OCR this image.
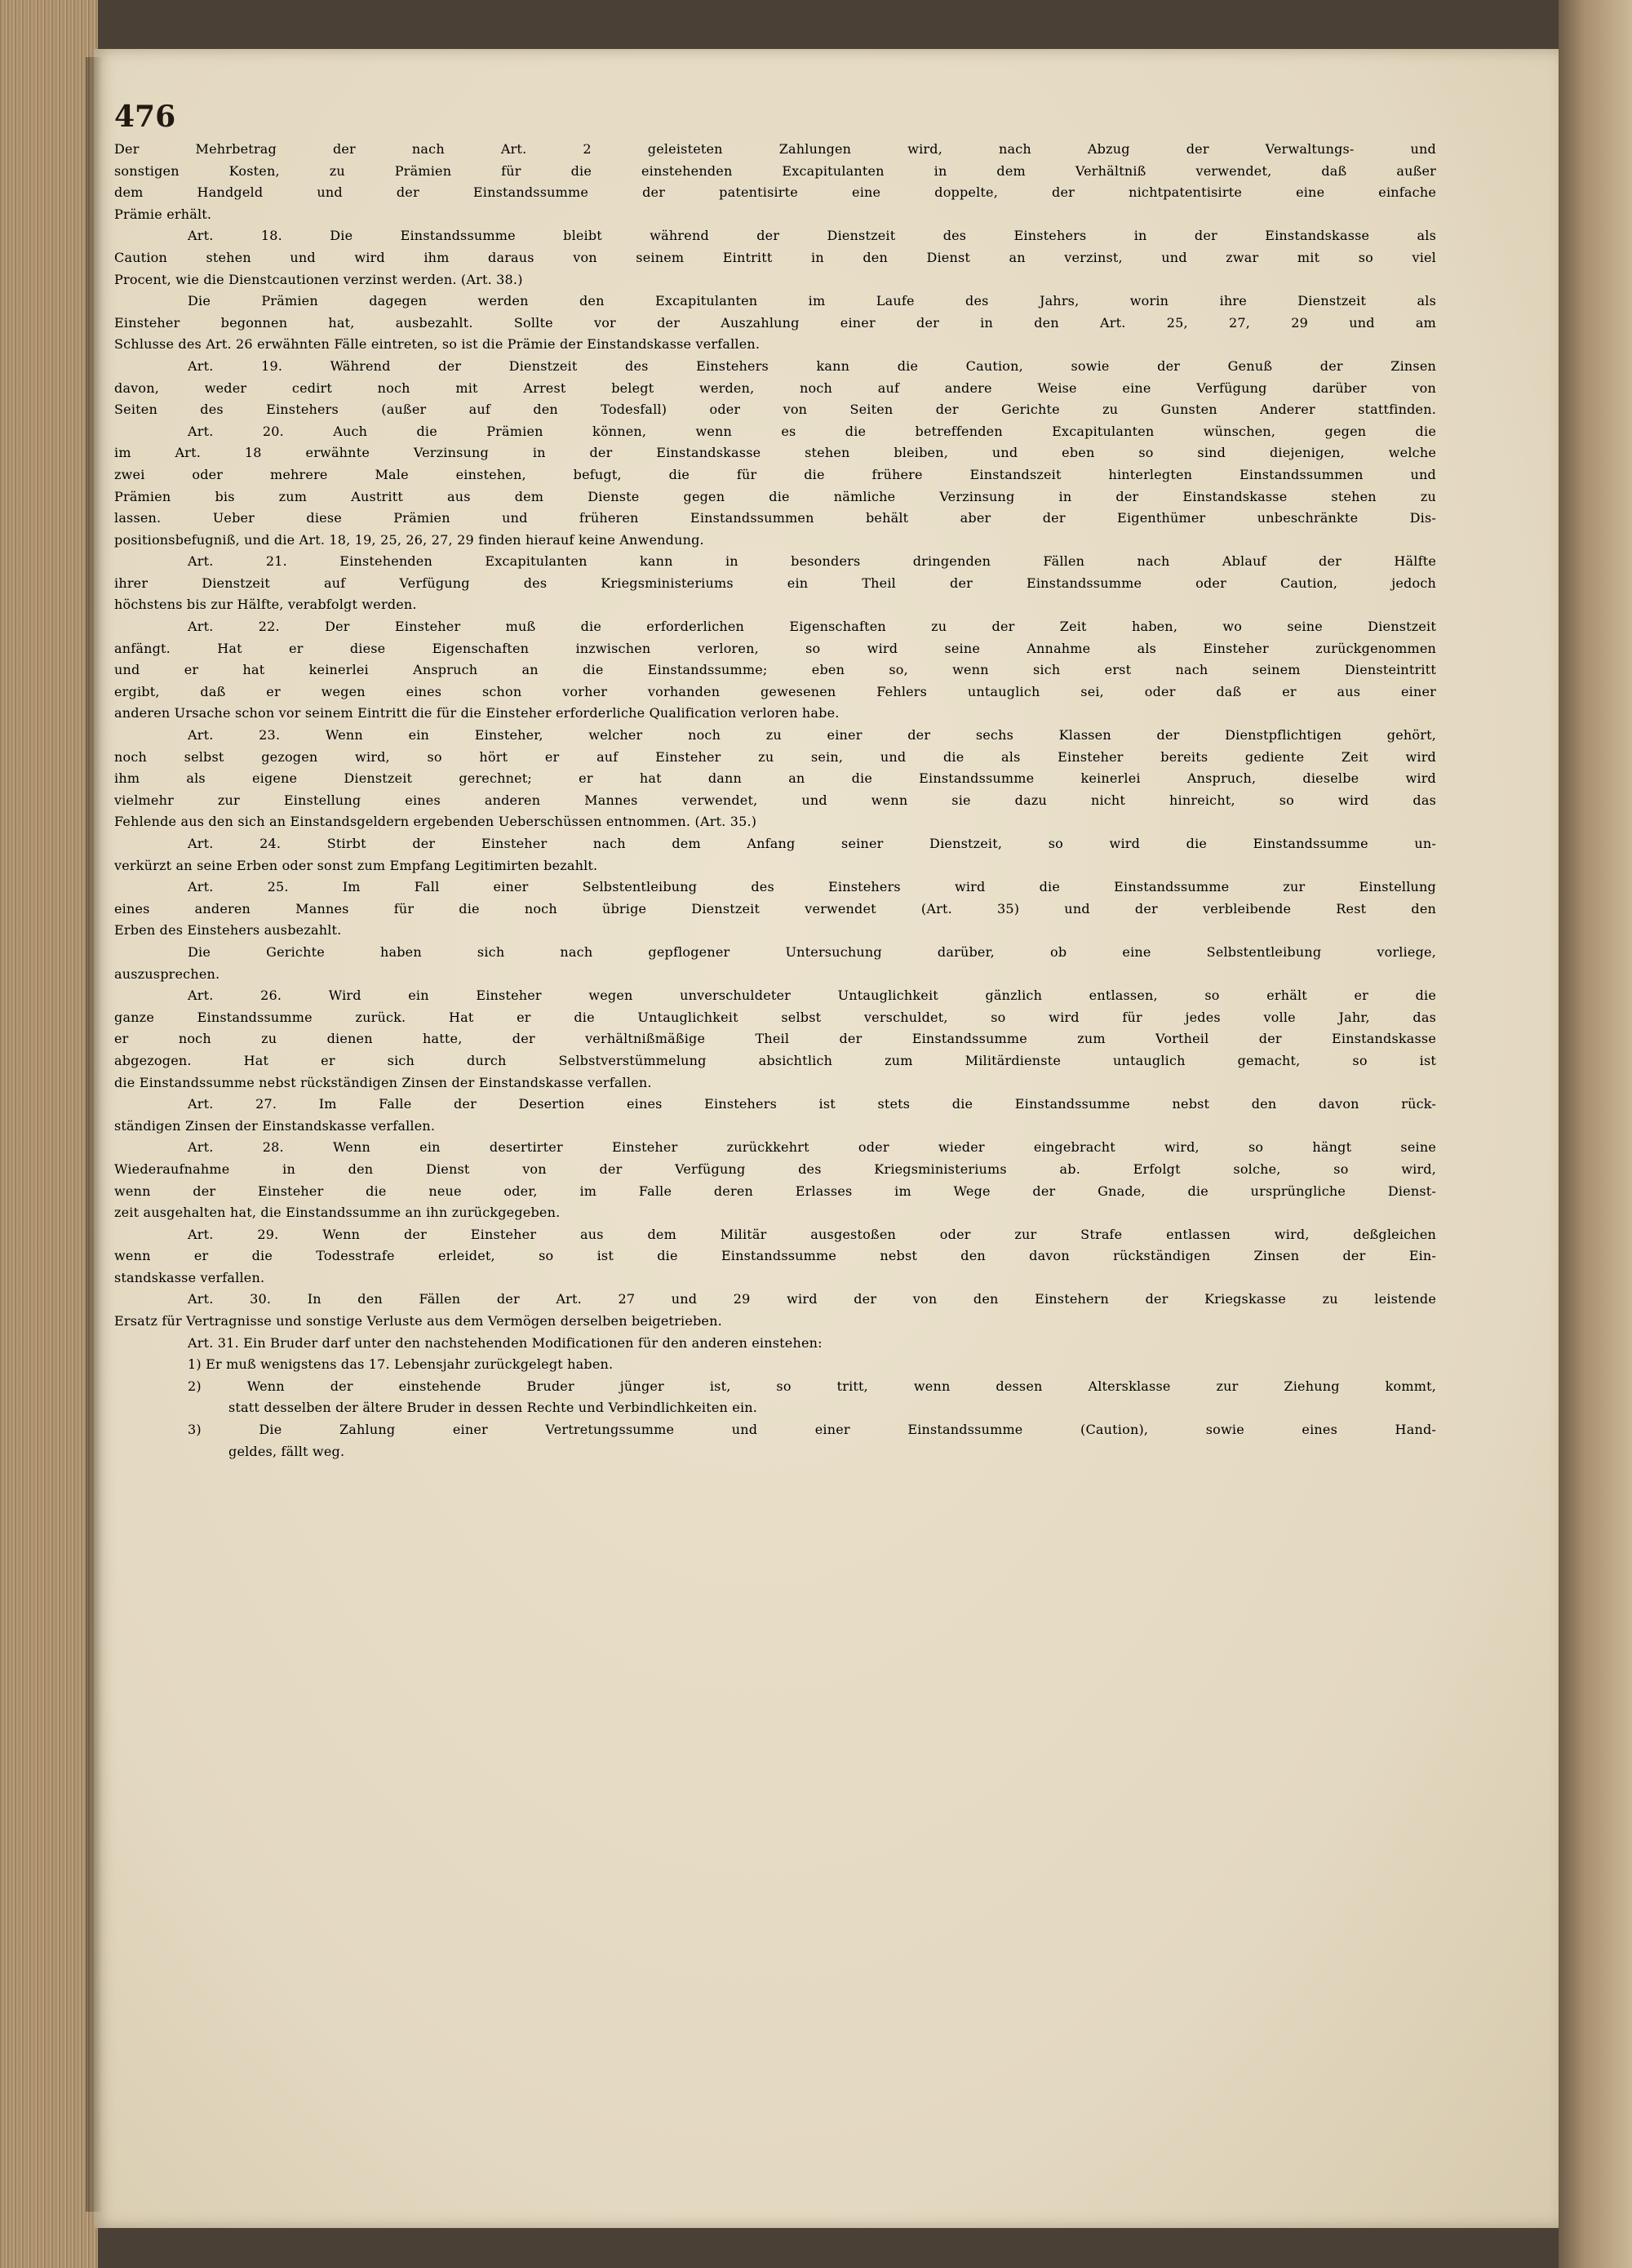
476
Der Mehrbetrag der nach Art. 2 geleisteten Zahlungen wird, nach Abzug der Verwaltungs- und
sonstigen Kosten, zu Prämien für die einstehenden Excapitulanten in dem Verhältniß verwendet, daß außer
dem Handgeld und der Einstandssumme der patentisirte eine doppelte, der nichtpatentisirte eine einfache
Prämie erhält.
Art. 18. Die Einstandssumme bleibt während der Dienstzeit des Einstehers in der Einstandskasse als
Caution stehen und wird ihm daraus von seinem Eintritt in den Dienst an verzinst, und zwar mit so viel
Procent, wie die Dienstcautionen verzinst werden. (Art. 38.)
Die Prämien dagegen werden den Excapitulanten im Laufe des Jahrs, worin ihre Dienstzeit als
Einsteher begonnen hat, ausbezahlt. Sollte vor der Auszahlung einer der in den Art. 25, 27, 29 und am
Schlusse des Art. 26 erwähnten Fälle eintreten, so ist die Prämie der Einstandskasse verfallen.
Art. 19. Während der Dienstzeit des Einstehers kann die Caution, sowie der Genuß der Zinsen
davon, weder cedirt noch mit Arrest belegt werden, noch auf andere Weise eine Verfügung darüber von
Seiten des Einstehers (außer auf den Todesfall) oder von Seiten der Gerichte zu Gunsten Anderer stattfinden.
Art. 20. Auch die Prämien können, wenn es die betreffenden Excapitulanten wünschen, gegen die
im Art. 18 erwähnte Verzinsung in der Einstandskasse stehen bleiben, und eben so sind diejenigen, welche
zwei oder mehrere Male einstehen, befugt, die für die frühere Einstandszeit hinterlegten Einstandssummen und
Prämien bis zum Austritt aus dem Dienste gegen die nämliche Verzinsung in der Einstandskasse stehen zu
lassen. Ueber diese Prämien und früheren Einstandssummen behält aber der Eigenthümer unbeschränkte Dis-
positionsbefugniß, und die Art. 18, 19, 25, 26, 27, 29 finden hierauf keine Anwendung.
Art. 21. Einstehenden Excapitulanten kann in besonders dringenden Fällen nach Ablauf der Hälfte
ihrer Dienstzeit auf Verfügung des Kriegsministeriums ein Theil der Einstandssumme oder Caution, jedoch
höchstens bis zur Hälfte, verabfolgt werden.
Art. 22. Der Einsteher muß die erforderlichen Eigenschaften zu der Zeit haben, wo seine Dienstzeit
anfängt. Hat er diese Eigenschaften inzwischen verloren, so wird seine Annahme als Einsteher zurückgenommen
und er hat keinerlei Anspruch an die Einstandssumme; eben so, wenn sich erst nach seinem Diensteintritt
ergibt, daß er wegen eines schon vorher vorhanden gewesenen Fehlers untauglich sei, oder daß er aus einer
anderen Ursache schon vor seinem Eintritt die für die Einsteher erforderliche Qualification verloren habe.
Art. 23. Wenn ein Einsteher, welcher noch zu einer der sechs Klassen der Dienstpflichtigen gehört,
noch selbst gezogen wird, so hört er auf Einsteher zu sein, und die als Einsteher bereits gediente Zeit wird
ihm als eigene Dienstzeit gerechnet; er hat dann an die Einstandssumme keinerlei Anspruch, dieselbe wird
vielmehr zur Einstellung eines anderen Mannes verwendet, und wenn sie dazu nicht hinreicht, so wird das
Fehlende aus den sich an Einstandsgeldern ergebenden Ueberschüssen entnommen. (Art. 35.)
Art. 24. Stirbt der Einsteher nach dem Anfang seiner Dienstzeit, so wird die Einstandssumme un-
verkürzt an seine Erben oder sonst zum Empfang Legitimirten bezahlt.
Art. 25. Im Fall einer Selbstentleibung des Einstehers wird die Einstandssumme zur Einstellung
eines anderen Mannes für die noch übrige Dienstzeit verwendet (Art. 35) und der verbleibende Rest den
Erben des Einstehers ausbezahlt.
Die Gerichte haben sich nach gepflogener Untersuchung darüber, ob eine Selbstentleibung vorliege,
auszusprechen.
Art. 26. Wird ein Einsteher wegen unverschuldeter Untauglichkeit gänzlich entlassen, so erhält er die
ganze Einstandssumme zurück. Hat er die Untauglichkeit selbst verschuldet, so wird für jedes volle Jahr, das
er noch zu dienen hatte, der verhältnißmäßige Theil der Einstandssumme zum Vortheil der Einstandskasse
abgezogen. Hat er sich durch Selbstverstümmelung absichtlich zum Militärdienste untauglich gemacht, so ist
die Einstandssumme nebst rückständigen Zinsen der Einstandskasse verfallen.
Art. 27. Im Falle der Desertion eines Einstehers ist stets die Einstandssumme nebst den davon rück-
ständigen Zinsen der Einstandskasse verfallen.
Art. 28. Wenn ein desertirter Einsteher zurückkehrt oder wieder eingebracht wird, so hängt seine
Wiederaufnahme in den Dienst von der Verfügung des Kriegsministeriums ab. Erfolgt solche, so wird,
wenn der Einsteher die neue oder, im Falle deren Erlasses im Wege der Gnade, die ursprüngliche Dienst-
zeit ausgehalten hat, die Einstandssumme an ihn zurückgegeben.
Art. 29. Wenn der Einsteher aus dem Militär ausgestoßen oder zur Strafe entlassen wird, deßgleichen
wenn er die Todesstrafe erleidet, so ist die Einstandssumme nebst den davon rückständigen Zinsen der Ein-
standskasse verfallen.
Art. 30. In den Fällen der Art. 27 und 29 wird der von den Einstehern der Kriegskasse zu leistende
Ersatz für Vertragnisse und sonstige Verluste aus dem Vermögen derselben beigetrieben.
Art. 31. Ein Bruder darf unter den nachstehenden Modificationen für den anderen einstehen:
1) Er muß wenigstens das 17. Lebensjahr zurückgelegt haben.
2) Wenn der einstehende Bruder jünger ist, so tritt, wenn dessen Altersklasse zur Ziehung kommt,
statt desselben der ältere Bruder in dessen Rechte und Verbindlichkeiten ein.
3) Die Zahlung einer Vertretungssumme und einer Einstandssumme (Caution), sowie eines Hand-
geldes, fällt weg.
